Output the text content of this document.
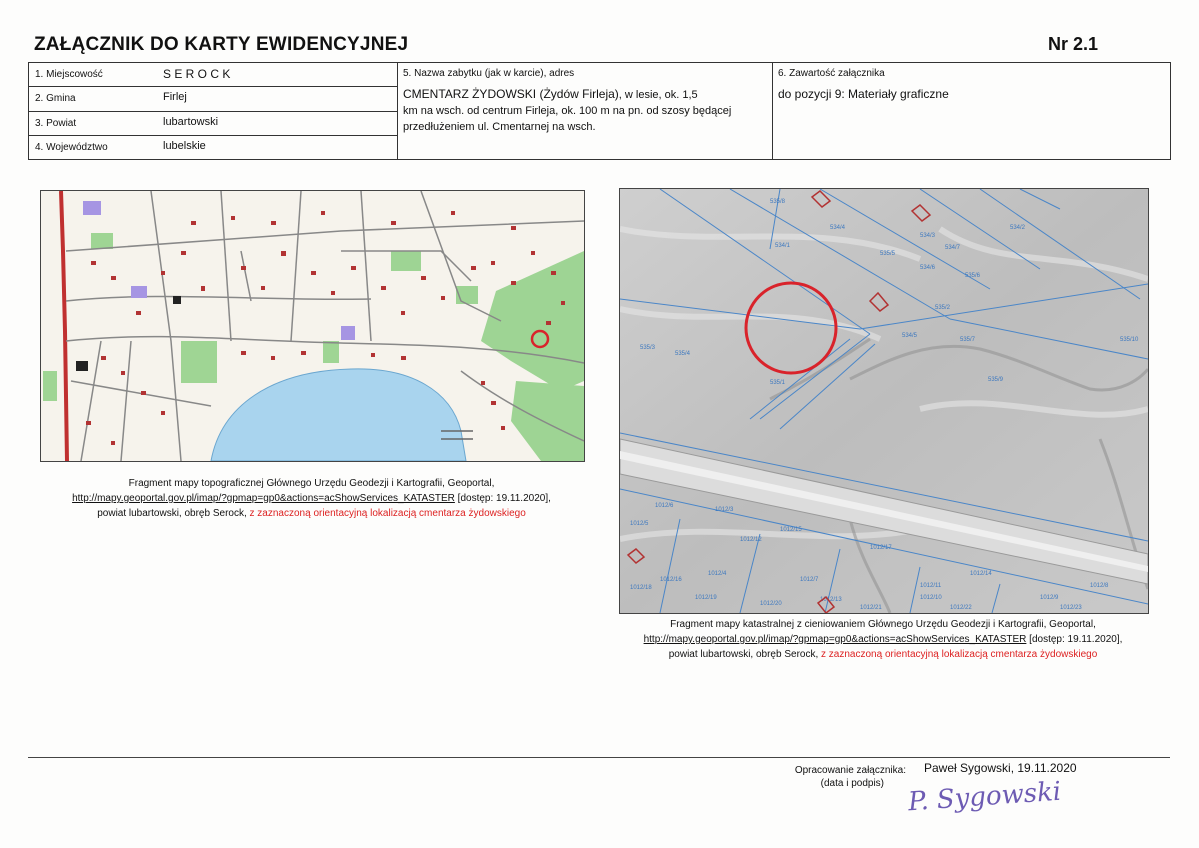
ZAŁĄCZNIK DO KARTY EWIDENCYJNEJ	Nr 2.1
1. Miejscowość	S E R O C K	5. Nazwa zabytku (jak w karcie), adres
CMENTARZ ŻYDOWSKI (Żydów Firleja), w lesie, ok. 1,5
km na wsch. od centrum Firleja, ok. 100 m na pn. od szosy będącej
przedłużeniem ul. Cmentarnej na wsch.

6. Zawartość załącznika
do pozycji 9: Materiały graficzne

2. Gmina	Firlej

3. Powiat	lubartowski

4. Województwo	lubelskie
Fragment mapy topograficznej Głównego Urzędu Geodezji i Kartografii, Geoportal,
http://mapy.geoportal.gov.pl/imap/?gpmap=gp0&actions=acShowServices_KATASTER [dostęp: 19.11.2020],
powiat lubartowski, obręb Serock, z zaznaczoną orientacyjną lokalizacją cmentarza żydowskiego
535/8
534/4
534/3
534/1
535/5
534/6
534/7
535/6
534/2
534/5
535/4
535/3
535/1	535/9
535/10
535/2
535/7
1012/6
1012/5
1012/3
1012/4
1012/7
1012/11
1012/14
1012/10
1012/15
1012/16
1012/13	1012/9
1012/8
1012/12
1012/17
1012/18
1012/19
1012/20
1012/21	1012/22	1012/23
Fragment mapy katastralnej z cieniowaniem Głównego Urzędu Geodezji i Kartografii, Geoportal,
http://mapy.geoportal.gov.pl/imap/?gpmap=gp0&actions=acShowServices_KATASTER [dostęp: 19.11.2020],
powiat lubartowski, obręb Serock, z zaznaczoną orientacyjną lokalizacją cmentarza żydowskiego
Opracowanie załącznika:
(data i podpis)
Paweł Sygowski, 19.11.2020
P. Sygowski
